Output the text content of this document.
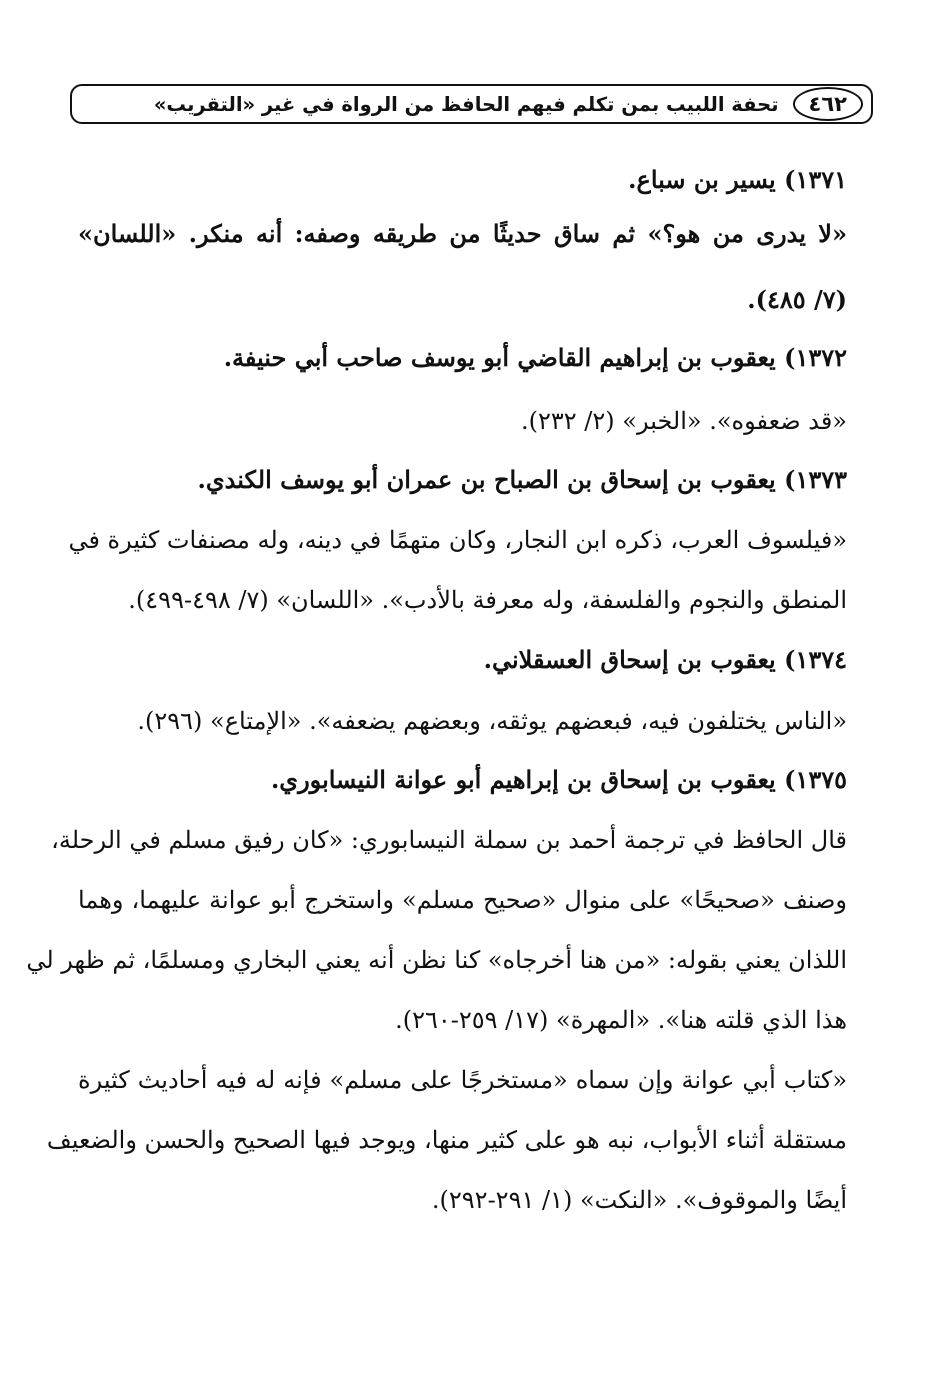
٤٦٢
تحفة اللبيب بمن تكلم فيهم الحافظ من الرواة في غير «التقريب»
١٣٧١) يسير بن سباع.
«لا يدرى من هو؟» ثم ساق حديثًا من طريقه وصفه: أنه منكر. «اللسان»
(٧/ ٤٨٥).
١٣٧٢) يعقوب بن إبراهيم القاضي أبو يوسف صاحب أبي حنيفة.
«قد ضعفوه». «الخبر» (٢/ ٢٣٢).
١٣٧٣) يعقوب بن إسحاق بن الصباح بن عمران أبو يوسف الكندي.
«فيلسوف العرب، ذكره ابن النجار، وكان متهمًا في دينه، وله مصنفات كثيرة في
المنطق والنجوم والفلسفة، وله معرفة بالأدب». «اللسان» (٧/ ٤٩٨-٤٩٩).
١٣٧٤) يعقوب بن إسحاق العسقلاني.
«الناس يختلفون فيه، فبعضهم يوثقه، وبعضهم يضعفه». «الإمتاع» (٢٩٦).
١٣٧٥) يعقوب بن إسحاق بن إبراهيم أبو عوانة النيسابوري.
قال الحافظ في ترجمة أحمد بن سملة النيسابوري: «كان رفيق مسلم في الرحلة،
وصنف «صحيحًا» على منوال «صحيح مسلم» واستخرج أبو عوانة عليهما، وهما
اللذان يعني بقوله: «من هنا أخرجاه» كنا نظن أنه يعني البخاري ومسلمًا، ثم ظهر لي
هذا الذي قلته هنا». «المهرة» (١٧/ ٢٥٩-٢٦٠).
«كتاب أبي عوانة وإن سماه «مستخرجًا على مسلم» فإنه له فيه أحاديث كثيرة
مستقلة أثناء الأبواب، نبه هو على كثير منها، ويوجد فيها الصحيح والحسن والضعيف
أيضًا والموقوف». «النكت» (١/ ٢٩١-٢٩٢).
